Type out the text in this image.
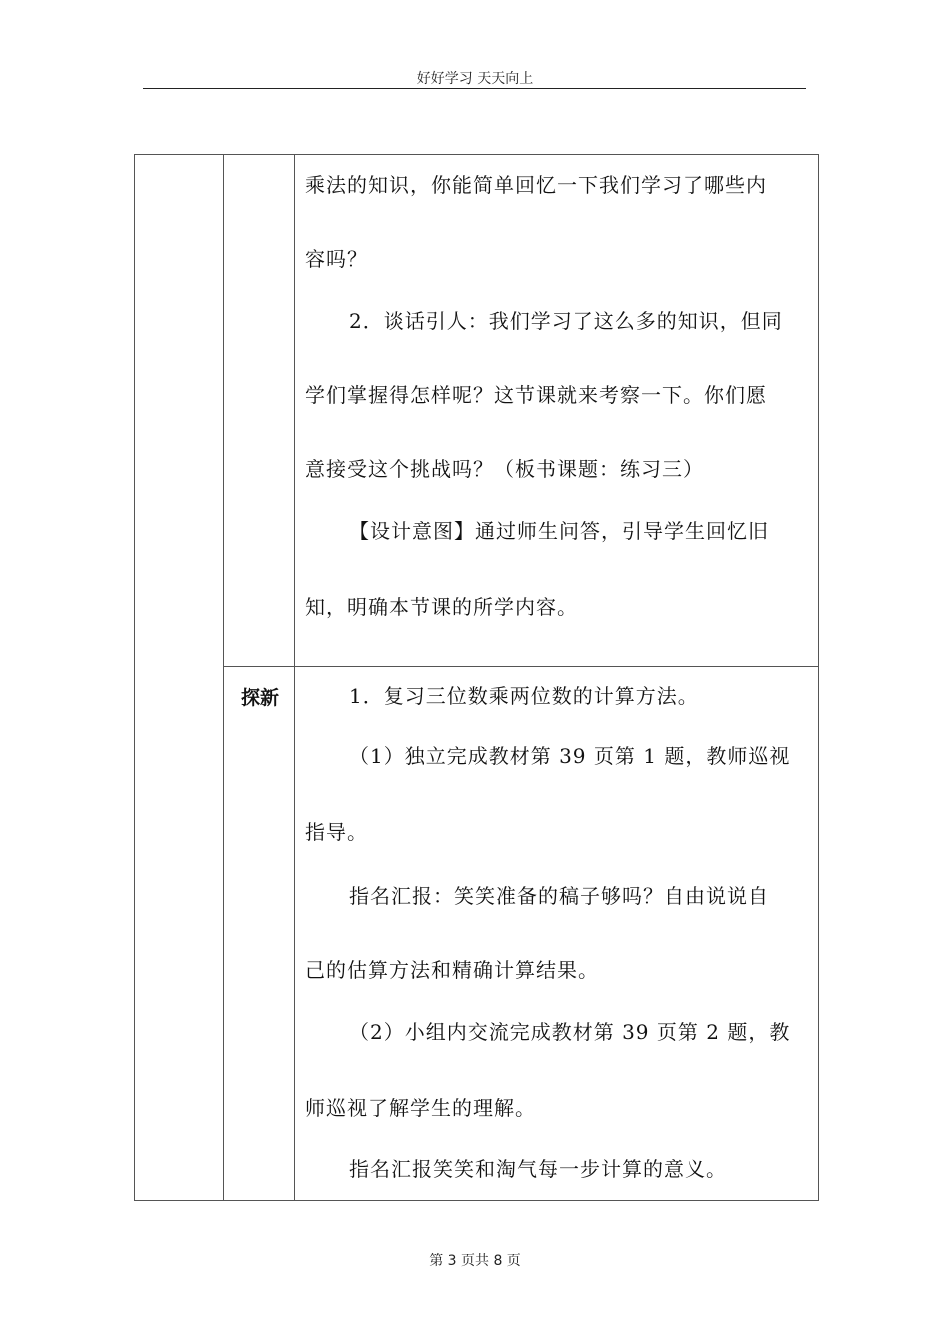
好好学习 天天向上
探新
乘法的知识，你能简单回忆一下我们学习了哪些内
容吗？
2．谈话引人：我们学习了这么多的知识，但同
学们掌握得怎样呢？这节课就来考察一下。你们愿
意接受这个挑战吗？（板书课题：练习三）
【设计意图】通过师生问答，引导学生回忆旧
知，明确本节课的所学内容。
1．复习三位数乘两位数的计算方法。
（1）独立完成教材第 39 页第 1 题，教师巡视
指导。
指名汇报：笑笑准备的稿子够吗？自由说说自
己的估算方法和精确计算结果。
（2）小组内交流完成教材第 39 页第 2 题，教
师巡视了解学生的理解。
指名汇报笑笑和淘气每一步计算的意义。
第 3 页共 8 页
